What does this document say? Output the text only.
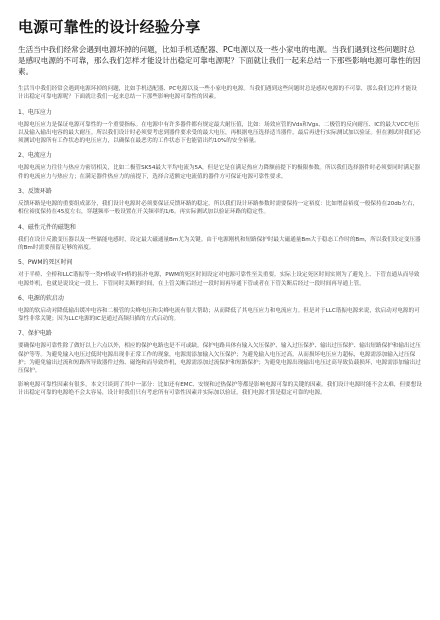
电源可靠性的设计经验分享

生活当中我们经常会遇到电源坏掉的问题，比如手机适配器、PC电源以及一些小家电的电源。当我们遇到这些问题时总是感叹电源的不可靠，那么我们怎样才能设计出稳定可靠电源呢？下面就让我们一起来总结一下那些影响电源可靠性的因素。

生活当中我们经常会遇到电源坏掉的问题，比如手机适配器、PC电源以及一些小家电的电源。当我们遇到这些问题时总是感叹电源的不可靠，那么我们怎样才能设计出稳定可靠电源呢？下面就让我们一起来总结一下那些影响电源可靠性的因素。

1、电压应力

电源电压应力是保证电源可靠性的一个重要指标。在电源中有许多器件都有规定最大耐压值，比如：场效应管的Vds和Vgs、二极管的反向耐压、IC的最大VCC电压以及输入输出电容的最大耐压。所以我们设计时必须要考虑到器件要求受的最大电压，再根据电压选择适当器件，最后再进行实际测试加以验证。但在测试时我们必须测试电源所有工作状态的电压应力，以确保在最恶劣的工作状态下也能留出约10%的安全裕量。

2、电流应力

电源电流应力往往与热应力密切相关，比如二极管SK54最大平均电流为5A，但是它是在满足热应力降额前提下的极限参数。所以我们选择器件时必须要同时满足器件的电流应力与热应力；在满足器件热应力的前提下，选择合适额定电流值的器件方可保证电源可靠性要求。

3、反馈环路

反馈环路是电源的重要组成部分，我们设计电源时必须要保证反馈环路的稳定。所以我们设计环路参数时需要保持一定裕度：比如增益裕度一般保持在20db左右，相位裕度保持在45度左右，穿越频率一般设置在开关频率的1/6。再实际测试加以验证环路的稳定性。

4、磁性元件的磁饱和

我们在设计反激变压器以及一些储能电感时，设定最大磁通量Bm尤为关键。由于电源刚机和短路保护时最大磁通量Bm大于稳态工作时的Bm，所以我们设定变压器的Bm时需要预留足够的裕度。

5、PWM的死区时间

对于半桥、全桥和LLC谐振等一类H桥或半H桥的拓扑电源，PWM的死区时间设定对电源可靠性至关重要。实际上设定死区时间实则为了避免上、下管直通从而导致电源炸机，也就是说设定一段上、下管同时关断的时间，在上管关断后经过一段时间再导通下管或者在下管关断后经过一段时间再导通上管。

6、电源的软启动

电源的软启动对降低输出缓冲电容和二极管的尖峰电压和尖峰电流有很大帮助；从而降低了其电压应力和电流应力。但是对于LLC谐振电源来说，软启动对电源的可靠性非常关键；因为LLC电源的IC是通过高频扫描的方式启动的。

7、保护电路

要确保电源可靠性除了做好以上六点以外，相应的保护电路也是不可或缺。保护电路具体有输入欠压保护、输入过压保护、输出过压保护、输出短路保护和输出过压保护等等。为避免输入电压过低时电源出现非正常工作的现象，电源需添加输入欠压保护；为避免输入电压过高，从而损坏电压应力超标，电源需添加输入过压保护；为避免输出过流和短路所导致器件过热、磁饱和而导致炸机，电源需添加过流保护和短路保护；为避免电源出现输出电压过高导致负载损坏，电源需添加输出过压保护。

影响电源可靠性因素有很多，本文只谈到了其中一部分：比如还有EMC、安规和过热保护等都是影响电源可靠的关键的因素。我们设计电源时能不会太难，但要想设计出稳定可靠的电源绝不会太容易，设计时我们只有考虑所有可靠性因素并实际加以验证，我们电源才算是稳定可靠的电源。
